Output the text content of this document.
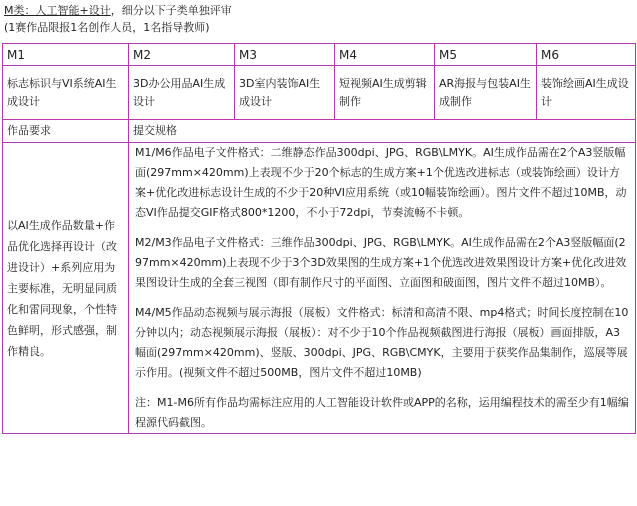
M类：人工智能+设计，细分以下子类单独评审
(1赛作品限报1名创作人员，1名指导教师)
M1	M2	M3	M4	M5	M6
标志标识与VI系统AI生成设计	3D办公用品AI生成设计	3D室内装饰AI生成设计	短视频AI生成剪辑制作	AR海报与包装AI生成制作	装饰绘画AI生成设计
作品要求	提交规格				
以AI生成作品数量+作品优化选择再设计（改进设计）+系列应用为主要标准，无明显同质化和雷同现象，个性特色鲜明，形式感强，制作精良。	M1/M6作品电子文件格式：二维静态作品300dpi、JPG、RGB\LMYK。AI生成作品需在2个A3竖版幅面(297mm×420mm)上表现不少于20个标志的生成方案+1个优选改进标志（或装饰绘画）设计方案+优化改进标志设计生成的不少于20种VI应用系统（或10幅装饰绘画）。图片文件不超过10MB，动态VI作品提交GIF格式800*1200，不小于72dpi，节奏流畅不卡顿。

M2/M3作品电子文件格式：三维作品300dpi、JPG、RGB\LMYK。AI生成作品需在2个A3竖版幅面(297mm×420mm)上表现不少于3个3D效果图的生成方案+1个优选改进效果图设计方案+优化改进效果图设计生成的全套三视图（即有制作尺寸的平面图、立面图和破面图，图片文件不超过10MB）。

M4/M5作品动态视频与展示海报（展板）文件格式：标清和高清不限、mp4格式；时间长度控制在10分钟以内；动态视频展示海报（展板）：对不少于10个作品视频截图进行海报（展板）画面排版，A3幅面(297mm×420mm)、竖版、300dpi、JPG、RGB\CMYK，主要用于获奖作品集制作，巡展等展示作用。(视频文件不超过500MB，图片文件不超过10MB)

注：M1-M6所有作品均需标注应用的人工智能设计软件或APP的名称，运用编程技术的需至少有1幅编程源代码截图。				
